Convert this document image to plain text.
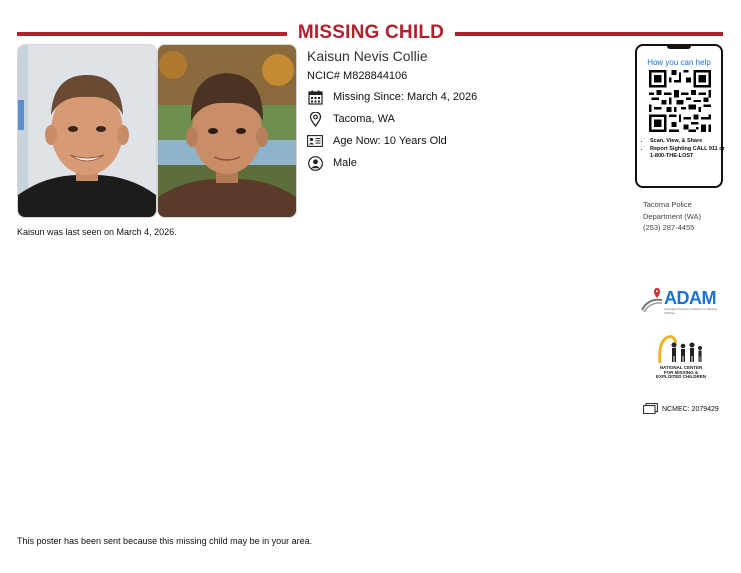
MISSING CHILD
Kaisun was last seen on March 4, 2026.
Kaisun Nevis Collie
NCIC# M828844106
Missing Since: March 4, 2026
Tacoma, WA
Age Now: 10 Years Old
Male
How you can help
• Scan, View, & Share
• Report Sighting CALL 911 or 1-800-THE-LOST
Tacoma Police
Department (WA)
(253) 287-4455
ADAM
Automated Delivery of Alerts on Missing Children
NATIONAL CENTER FOR MISSING & EXPLOITED CHILDREN
NCMEC: 2079429
This poster has been sent because this missing child may be in your area.
